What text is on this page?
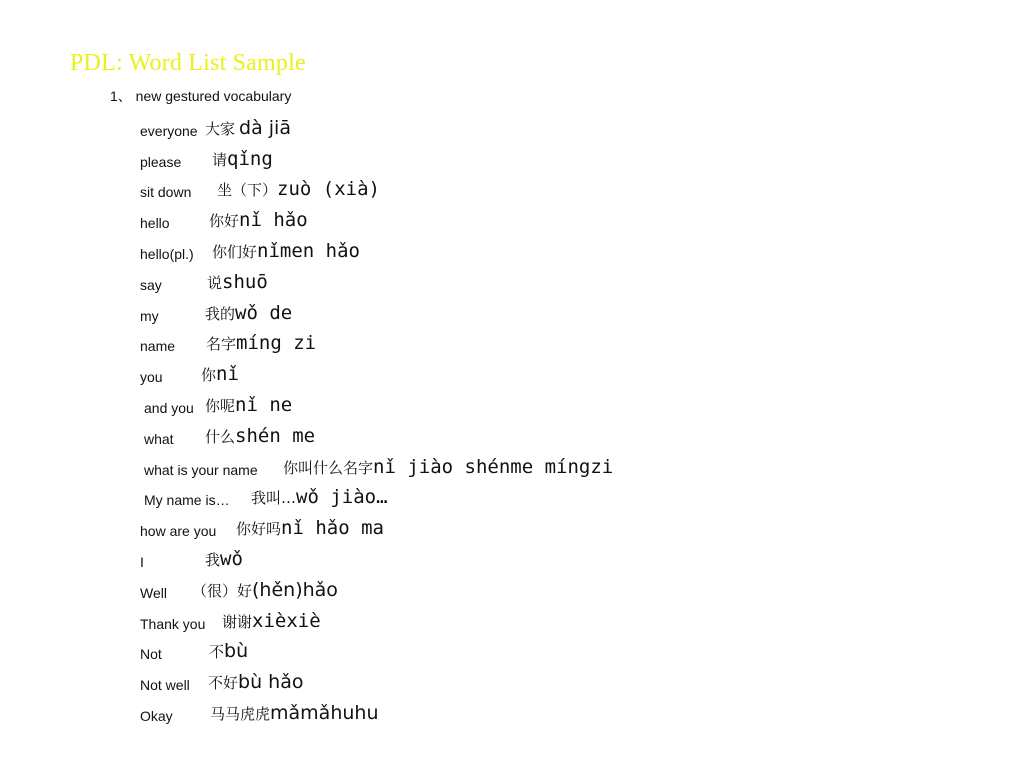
PDL: Word List Sample
1、 new gestured vocabulary
everyone 大家 dà jiā
please	请 qǐng
sit down	坐（下） zuò (xià)
hello	你好 nǐ hǎo
hello(pl.)	你们好 nǐmen hǎo
say	说 shuō
my	我的 wǒ de
name	名字 míng zi
you	你 nǐ
and you 你呢 nǐ ne
what	什么 shén me
what is your name	你叫什么名字 nǐ jiào shénme míngzi
My name is…	我叫… wǒ jiào…
how are you	你好吗 nǐ hǎo ma
I	我 wǒ
Well	（很）好 (hěn)hǎo
Thank you	谢谢 xièxiè
Not	不 bù
Not well	不好 bù hǎo
Okay	马马虎虎 mǎmǎhuhu
